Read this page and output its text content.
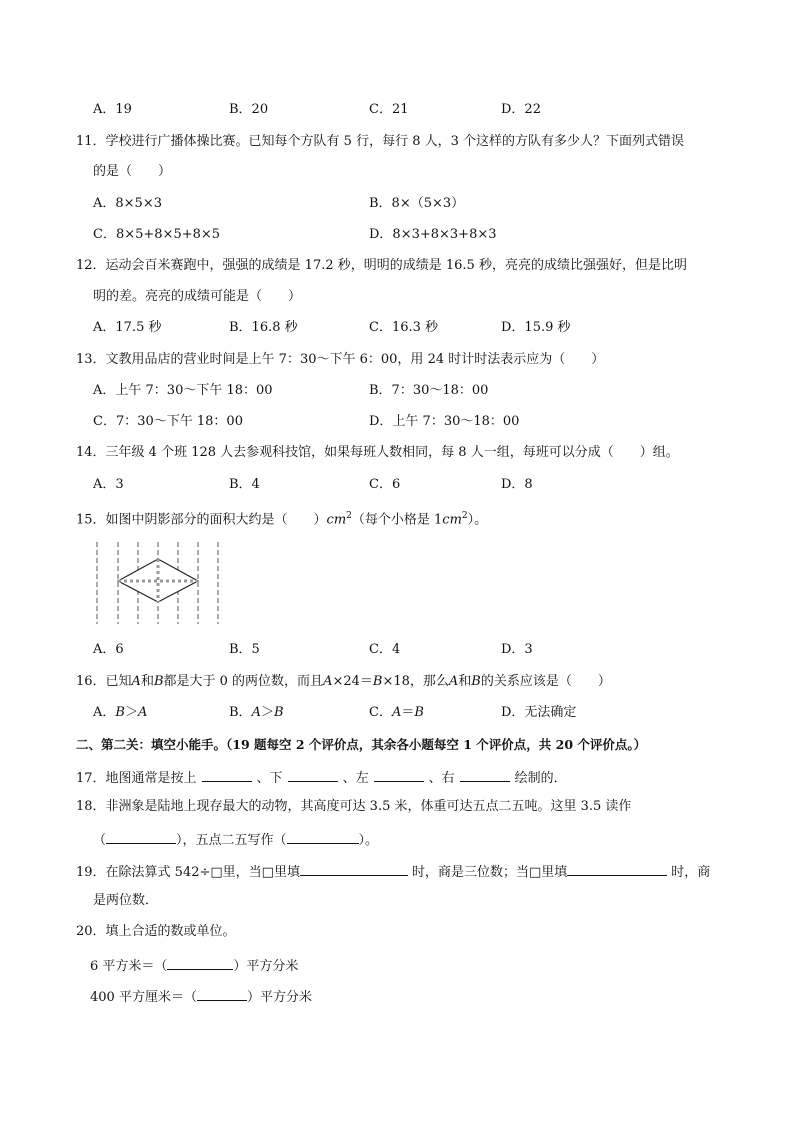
A．19	B．20	C．21	D．22
11．学校进行广播体操比赛。已知每个方队有 5 行，每行 8 人，3 个这样的方队有多少人？下面列式错误
的是（　　）
A．8×5×3	B．8×（5×3）
C．8×5+8×5+8×5	D．8×3+8×3+8×3
12．运动会百米赛跑中，强强的成绩是 17.2 秒，明明的成绩是 16.5 秒，亮亮的成绩比强强好，但是比明
明的差。亮亮的成绩可能是（　　）
A．17.5 秒	B．16.8 秒	C．16.3 秒	D．15.9 秒
13．文教用品店的营业时间是上午 7：30～下午 6：00，用 24 时计时法表示应为（　　）
A．上午 7：30～下午 18：00	B．7：30～18：00
C．7：30～下午 18：00	D．上午 7：30～18：00
14．三年级 4 个班 128 人去参观科技馆，如果每班人数相同，每 8 人一组，每班可以分成（　　）组。
A．3	B．4	C．6	D．8
15．如图中阴影部分的面积大约是（　　）$cm^2$（每个小格是 $1cm^2$）。
A．6	B．5	C．4	D．3
16．已知A和B都是大于 0 的两位数，而且A×24＝B×18，那么A和B的关系应该是（　　）
A．B＞A	B．A＞B	C．A＝B	D．无法确定
二、第二关：填空小能手。（19 题每空 2 个评价点，其余各小题每空 1 个评价点，共 20 个评价点。）
17．地图通常是按上	、下	、左	、右	绘制的．
18．非洲象是陆地上现存最大的动物，其高度可达 3.5 米，体重可达五点二五吨。这里 3.5 读作
（	），五点二五写作（	）。
19．在除法算式 542÷□里，当□里填	时，商是三位数；当□里填	时，商
是两位数．
20．填上合适的数或单位。
6 平方米＝（	）平方分米
400 平方厘米＝（	）平方分米
